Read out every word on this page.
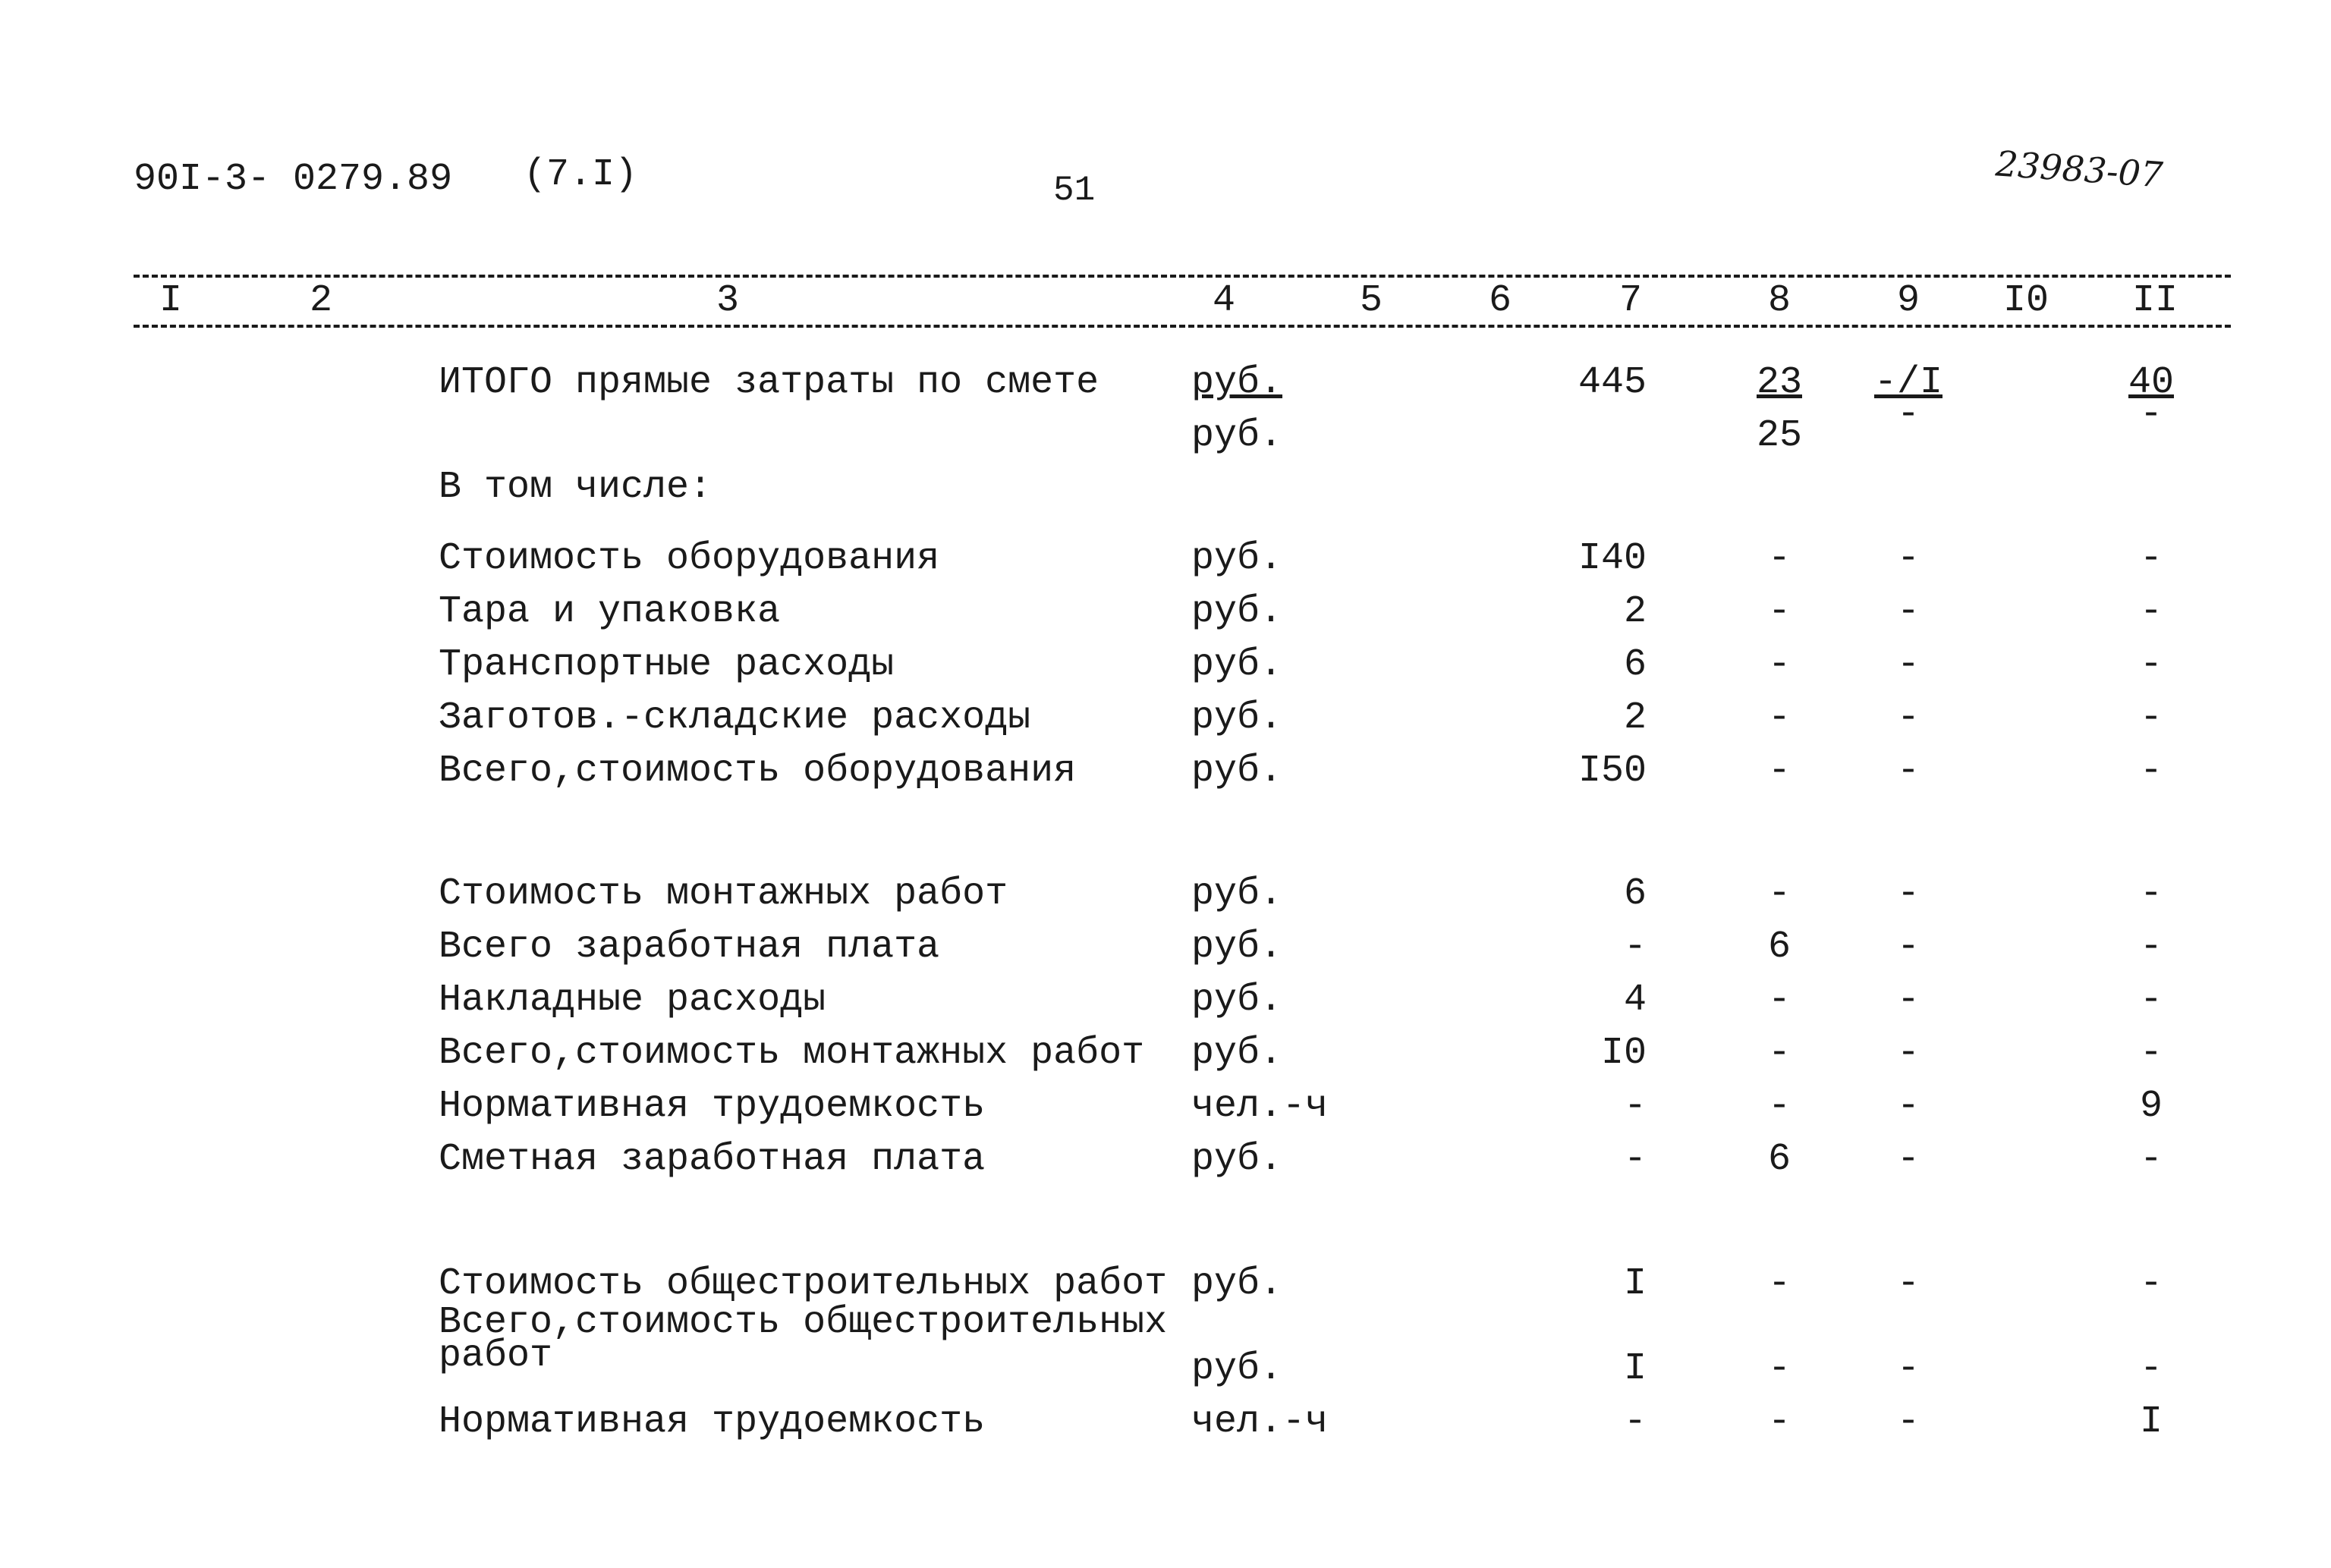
90I-3- 0279.89 (7.I)	51	23983-07
I	2	3	4	5	6	7	8	9 I0 II
ИТОГО прямые затраты по смете руб.	445	23	-/I	40
руб.	25	-	-
В том числе:
Стоимость оборудования	руб.	I40	-	-	-
Тара и упаковка	руб.	2	-	-	-
Транспортные расходы	руб.	6	-	-	-
Заготов.-складские расходы	руб.	2	-	-	-
Всего,стоимость оборудования	руб.	I50	-	-	-
Стоимость монтажных работ	руб.	6	-	-	-
Всего заработная плата	руб.	-	6	-	-
Накладные расходы	руб.	4	-	-	-
Всего,стоимость монтажных работ руб.	I0	-	-	-
Нормативная трудоемкость	чел.-ч	-	-	-	9
Сметная заработная плата	руб.	-	6	-	-
Стоимость общестроительных работ руб.	I	-	-	-
Всего,стоимость общестроительных
работ	руб.	I	-	-	-
Нормативная трудоемкость	чел.-ч	-	-	-	I
